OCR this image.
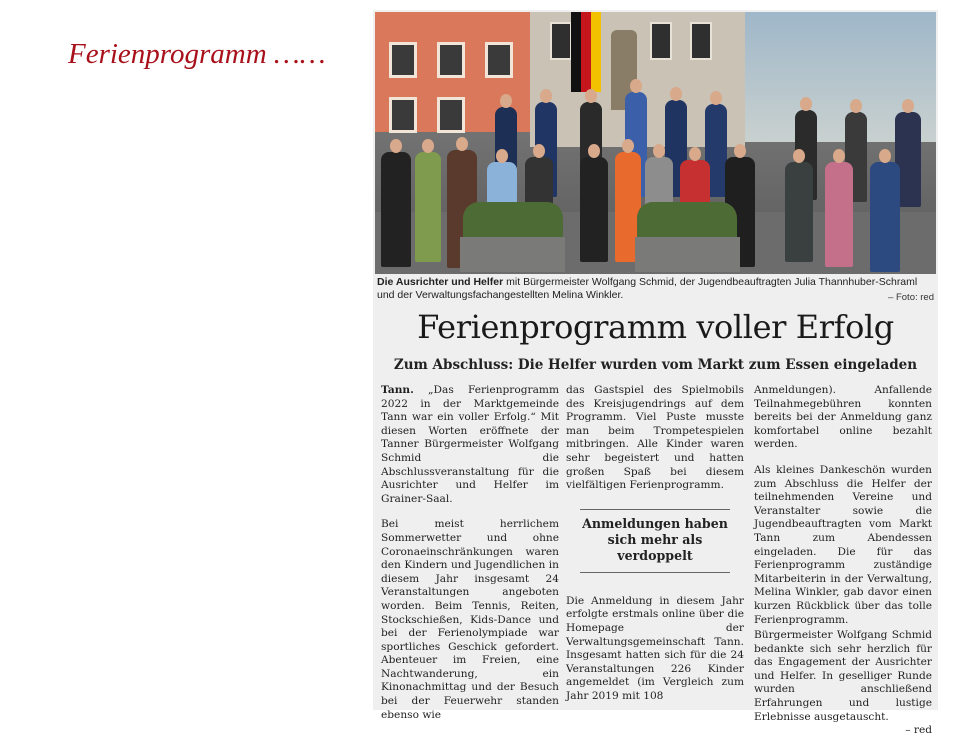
Ferienprogramm ……
Die Ausrichter und Helfer mit Bürgermeister Wolfgang Schmid, der Jugendbeauftragten Julia Thannhuber-Schraml und der Verwaltungsfachangestellten Melina Winkler.	– Foto: red
Ferienprogramm voller Erfolg
Zum Abschluss: Die Helfer wurden vom Markt zum Essen eingeladen

Tann. „Das Ferienprogramm 2022 in der Marktgemeinde Tann war ein voller Erfolg.“ Mit diesen Worten eröffnete der Tanner Bürgermeister Wolfgang Schmid die Abschlussveranstaltung für die Ausrichter und Helfer im Grainer-Saal.

Bei meist herrlichem Sommerwetter und ohne Coronaeinschränkungen waren den Kindern und Jugendlichen in diesem Jahr insgesamt 24 Veranstaltungen angeboten worden. Beim Tennis, Reiten, Stockschießen, Kids-Dance und bei der Ferienolympiade war sportliches Geschick gefordert. Abenteuer im Freien, eine Nachtwanderung, ein Kinonachmittag und der Besuch bei der Feuerwehr standen ebenso wie

das Gastspiel des Spielmobils des Kreisjugendrings auf dem Programm. Viel Puste musste man beim Trompetespielen mitbringen. Alle Kinder waren sehr begeistert und hatten großen Spaß bei diesem vielfältigen Ferienprogramm.

Anmeldungen haben sich mehr als verdoppelt

Die Anmeldung in diesem Jahr erfolgte erstmals online über die Homepage der Verwaltungsgemeinschaft Tann. Insgesamt hatten sich für die 24 Veranstaltungen 226 Kinder angemeldet (im Vergleich zum Jahr 2019 mit 108

Anmeldungen). Anfallende Teilnahmegebühren konnten bereits bei der Anmeldung ganz komfortabel online bezahlt werden.

Als kleines Dankeschön wurden zum Abschluss die Helfer der teilnehmenden Vereine und Veranstalter sowie die Jugendbeauftragten vom Markt Tann zum Abendessen eingeladen. Die für das Ferienprogramm zuständige Mitarbeiterin in der Verwaltung, Melina Winkler, gab davor einen kurzen Rückblick über das tolle Ferienprogramm.

Bürgermeister Wolfgang Schmid bedankte sich sehr herzlich für das Engagement der Ausrichter und Helfer. In geselliger Runde wurden anschließend Erfahrungen und lustige Erlebnisse ausgetauscht.

– red
